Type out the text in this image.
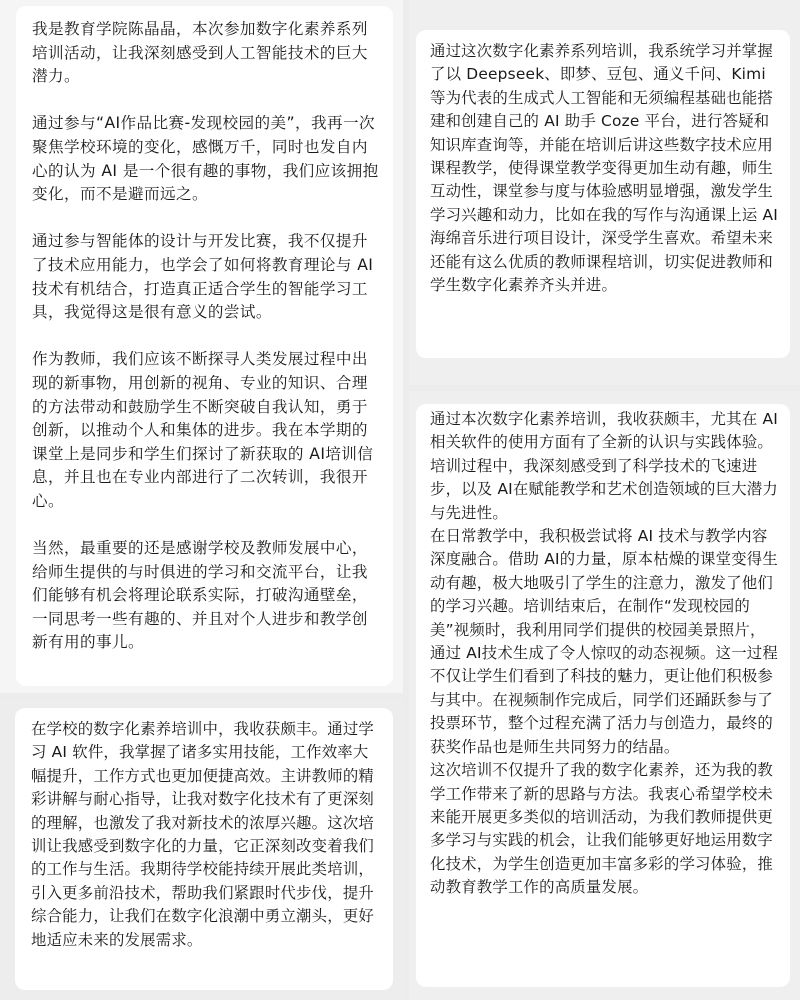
我是教育学院陈晶晶，本次参加数字化素养系列培训活动，让我深刻感受到人工智能技术的巨大潜力。

通过参与“AI作品比赛-发现校园的美”，我再一次聚焦学校环境的变化，感慨万千，同时也发自内心的认为 AI 是一个很有趣的事物，我们应该拥抱变化，而不是避而远之。

通过参与智能体的设计与开发比赛，我不仅提升了技术应用能力，也学会了如何将教育理论与 AI技术有机结合，打造真正适合学生的智能学习工具，我觉得这是很有意义的尝试。

作为教师，我们应该不断探寻人类发展过程中出现的新事物，用创新的视角、专业的知识、合理的方法带动和鼓励学生不断突破自我认知，勇于创新，以推动个人和集体的进步。我在本学期的课堂上是同步和学生们探讨了新获取的 AI培训信息，并且也在专业内部进行了二次转训，我很开心。

当然，最重要的还是感谢学校及教师发展中心，给师生提供的与时俱进的学习和交流平台，让我们能够有机会将理论联系实际，打破沟通壁垒，一同思考一些有趣的、并且对个人进步和教学创新有用的事儿。

在学校的数字化素养培训中，我收获颇丰。通过学习 AI 软件，我掌握了诸多实用技能，工作效率大幅提升，工作方式也更加便捷高效。主讲教师的精彩讲解与耐心指导，让我对数字化技术有了更深刻的理解，也激发了我对新技术的浓厚兴趣。这次培训让我感受到数字化的力量，它正深刻改变着我们的工作与生活。我期待学校能持续开展此类培训，引入更多前沿技术，帮助我们紧跟时代步伐，提升综合能力，让我们在数字化浪潮中勇立潮头，更好地适应未来的发展需求。

通过这次数字化素养系列培训，我系统学习并掌握了以 Deepseek、即梦、豆包、通义千问、Kimi 等为代表的生成式人工智能和无须编程基础也能搭建和创建自己的 AI 助手 Coze 平台，进行答疑和知识库查询等，并能在培训后讲这些数字技术应用课程教学，使得课堂教学变得更加生动有趣，师生互动性，课堂参与度与体验感明显增强，激发学生学习兴趣和动力，比如在我的写作与沟通课上运 AI海绵音乐进行项目设计，深受学生喜欢。希望未来还能有这么优质的教师课程培训，切实促进教师和学生数字化素养齐头并进。

通过本次数字化素养培训，我收获颇丰，尤其在 AI 相关软件的使用方面有了全新的认识与实践体验。培训过程中，我深刻感受到了科学技术的飞速进步，以及 AI在赋能教学和艺术创造领域的巨大潜力与先进性。

在日常教学中，我积极尝试将 AI 技术与教学内容深度融合。借助 AI的力量，原本枯燥的课堂变得生动有趣，极大地吸引了学生的注意力，激发了他们的学习兴趣。培训结束后，在制作“发现校园的美”视频时，我利用同学们提供的校园美景照片，通过 AI技术生成了令人惊叹的动态视频。这一过程不仅让学生们看到了科技的魅力，更让他们积极参与其中。在视频制作完成后，同学们还踊跃参与了投票环节，整个过程充满了活力与创造力，最终的获奖作品也是师生共同努力的结晶。

这次培训不仅提升了我的数字化素养，还为我的教学工作带来了新的思路与方法。我衷心希望学校未来能开展更多类似的培训活动，为我们教师提供更多学习与实践的机会，让我们能够更好地运用数字化技术，为学生创造更加丰富多彩的学习体验，推动教育教学工作的高质量发展。
